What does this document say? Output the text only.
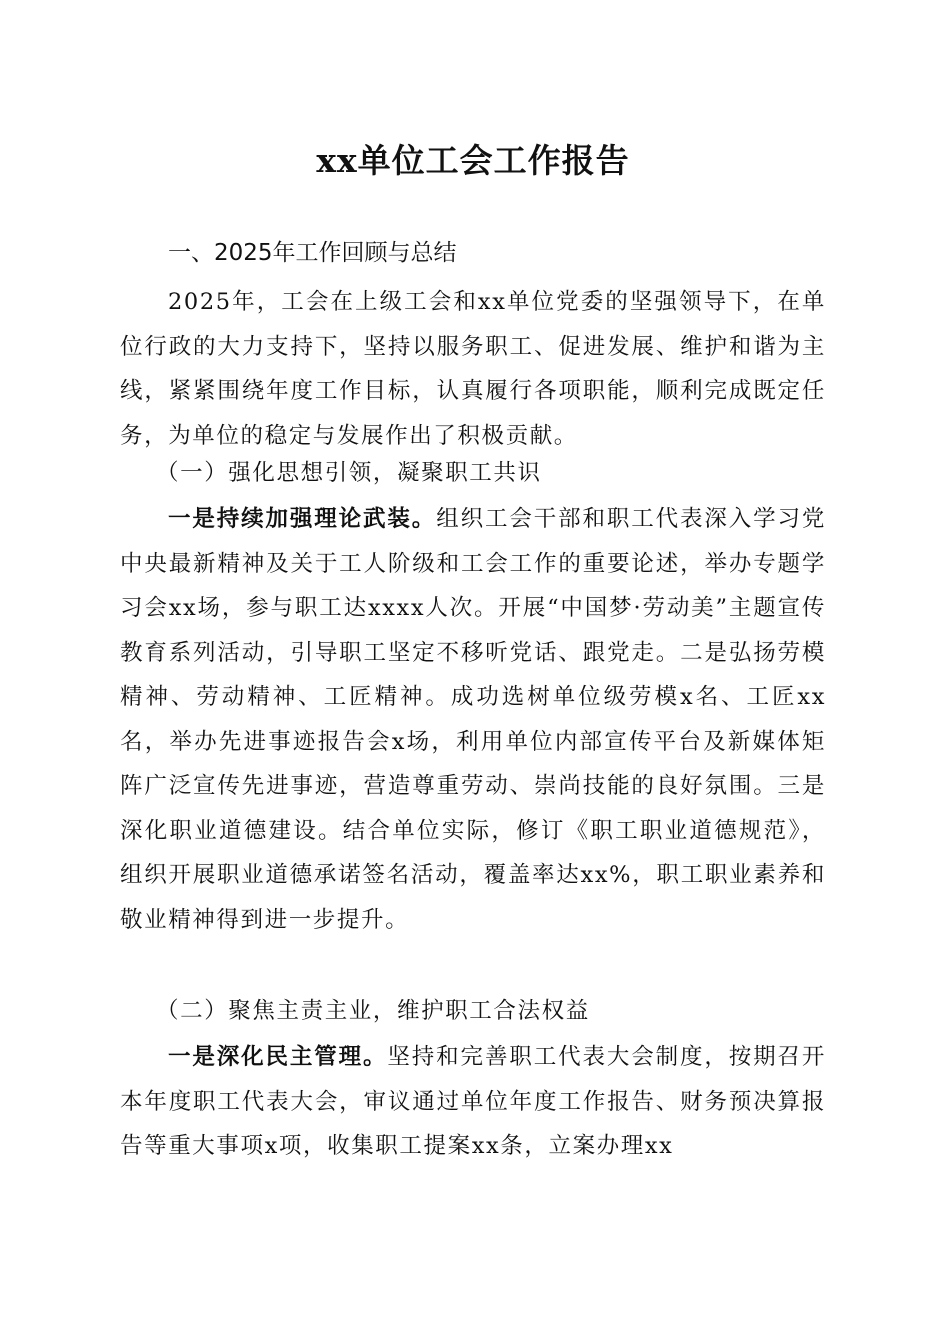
xx单位工会工作报告

一、2025年工作回顾与总结

2025年，工会在上级工会和xx单位党委的坚强领导下，在单位行政的大力支持下，坚持以服务职工、促进发展、维护和谐为主线，紧紧围绕年度工作目标，认真履行各项职能，顺利完成既定任务，为单位的稳定与发展作出了积极贡献。

（一）强化思想引领，凝聚职工共识

一是持续加强理论武装。组织工会干部和职工代表深入学习党中央最新精神及关于工人阶级和工会工作的重要论述，举办专题学习会xx场，参与职工达xxxx人次。开展“中国梦·劳动美”主题宣传教育系列活动，引导职工坚定不移听党话、跟党走。二是弘扬劳模精神、劳动精神、工匠精神。成功选树单位级劳模x名、工匠xx名，举办先进事迹报告会x场，利用单位内部宣传平台及新媒体矩阵广泛宣传先进事迹，营造尊重劳动、崇尚技能的良好氛围。三是深化职业道德建设。结合单位实际，修订《职工职业道德规范》，组织开展职业道德承诺签名活动，覆盖率达xx%，职工职业素养和敬业精神得到进一步提升。

（二）聚焦主责主业，维护职工合法权益

一是深化民主管理。坚持和完善职工代表大会制度，按期召开本年度职工代表大会，审议通过单位年度工作报告、财务预决算报告等重大事项x项，收集职工提案xx条，立案办理xx
